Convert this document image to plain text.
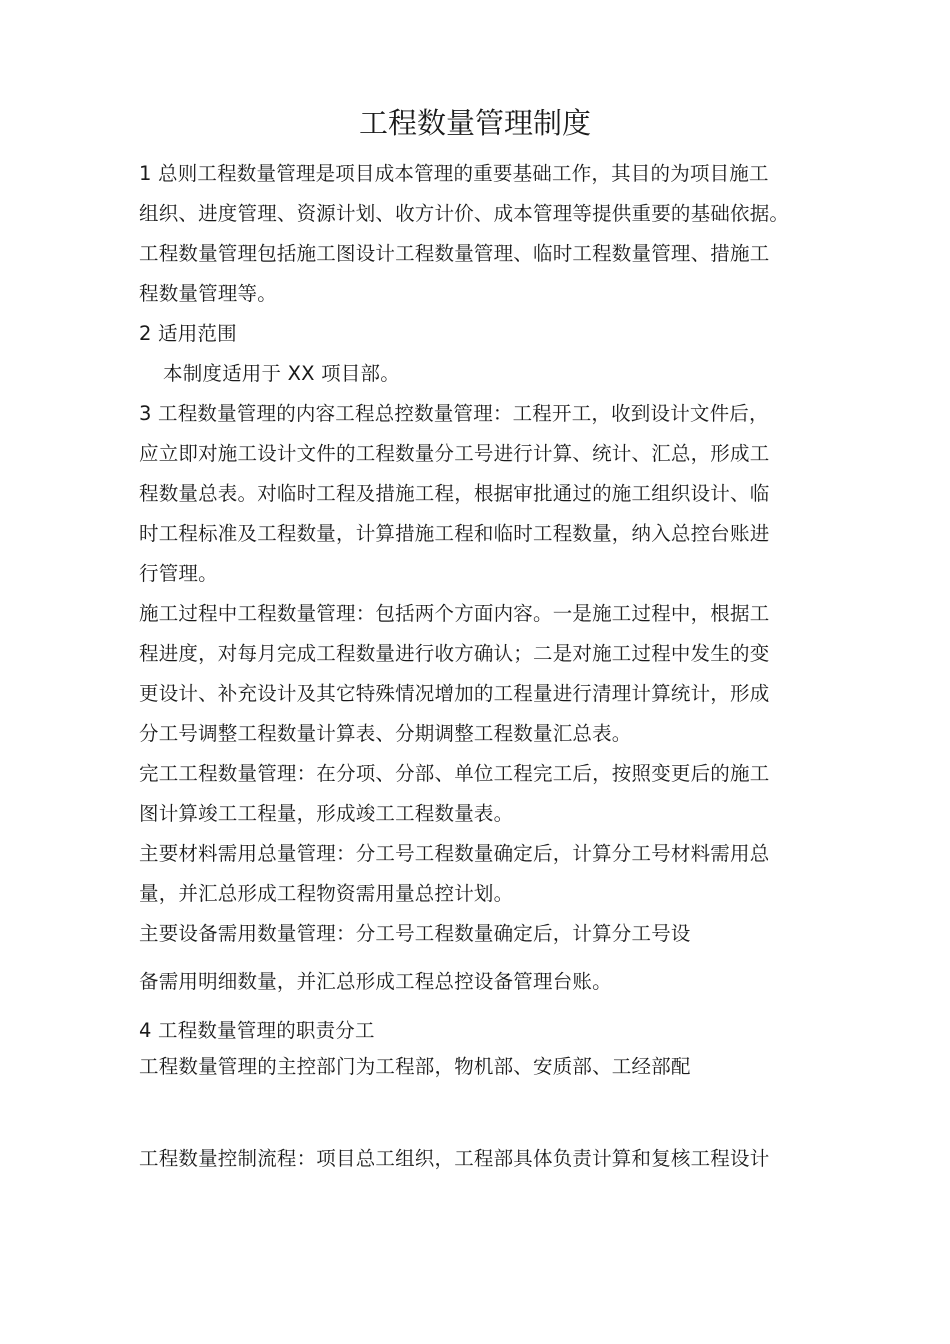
工程数量管理制度
1 总则工程数量管理是项目成本管理的重要基础工作，其目的为项目施工
组织、进度管理、资源计划、收方计价、成本管理等提供重要的基础依据。
工程数量管理包括施工图设计工程数量管理、临时工程数量管理、措施工
程数量管理等。
2 适用范围
本制度适用于 XX 项目部。
3 工程数量管理的内容工程总控数量管理：工程开工，收到设计文件后，
应立即对施工设计文件的工程数量分工号进行计算、统计、汇总，形成工
程数量总表。对临时工程及措施工程，根据审批通过的施工组织设计、临
时工程标准及工程数量，计算措施工程和临时工程数量，纳入总控台账进
行管理。
施工过程中工程数量管理：包括两个方面内容。一是施工过程中，根据工
程进度，对每月完成工程数量进行收方确认；二是对施工过程中发生的变
更设计、补充设计及其它特殊情况增加的工程量进行清理计算统计，形成
分工号调整工程数量计算表、分期调整工程数量汇总表。
完工工程数量管理：在分项、分部、单位工程完工后，按照变更后的施工
图计算竣工工程量，形成竣工工程数量表。
主要材料需用总量管理：分工号工程数量确定后，计算分工号材料需用总
量，并汇总形成工程物资需用量总控计划。
主要设备需用数量管理：分工号工程数量确定后，计算分工号设
备需用明细数量，并汇总形成工程总控设备管理台账。
4 工程数量管理的职责分工
工程数量管理的主控部门为工程部，物机部、安质部、工经部配
工程数量控制流程：项目总工组织，工程部具体负责计算和复核工程设计
